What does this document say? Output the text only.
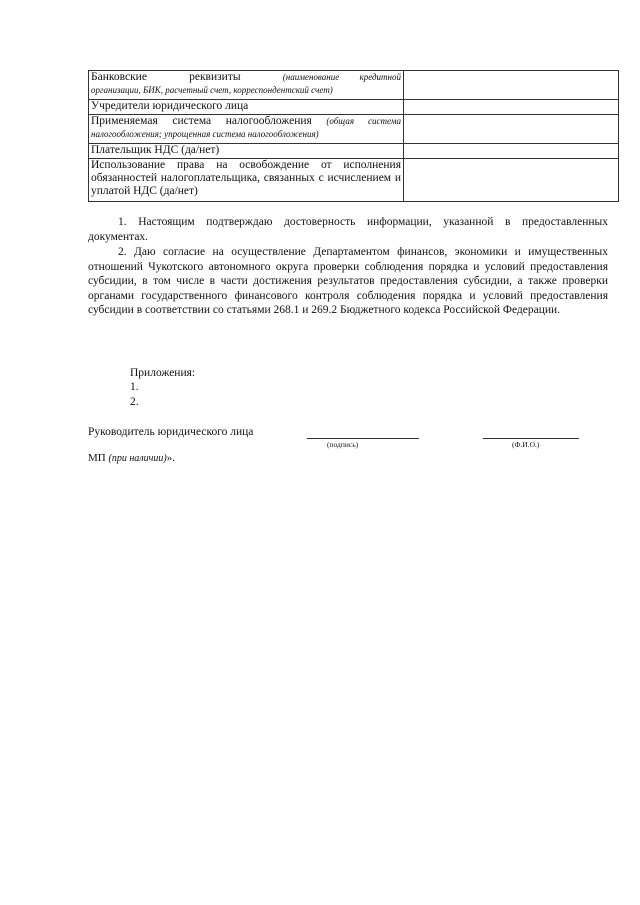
Банковские реквизиты (наименование         кредитной
организации, БИК, расчетный счет, корреспондентский счет)	

Учредители юридического лица	
Применяемая система налогообложения (общая система налогообложения; упрощенная система налогообложения)	
Плательщик НДС (да/нет)	
Использование права на освобождение от исполнения обязанностей налогоплательщика, связанных с исчислением и уплатой НДС (да/нет)	
1. Настоящим подтверждаю достоверность информации, указанной в предоставленных документах.
2. Даю согласие на осуществление Департаментом финансов, экономики и имущественных отношений Чукотского автономного округа проверки соблюдения порядка и условий предоставления субсидии, в том числе в части достижения результатов предоставления субсидии, а также проверки органами государственного финансового контроля соблюдения порядка и условий предоставления субсидии в соответствии со статьями 268.1 и 269.2 Бюджетного кодекса Российской Федерации.
Приложения:
1.
2.
Руководитель юридического лица
(подпись)	(Ф.И.О.)
МП (при наличии)».
